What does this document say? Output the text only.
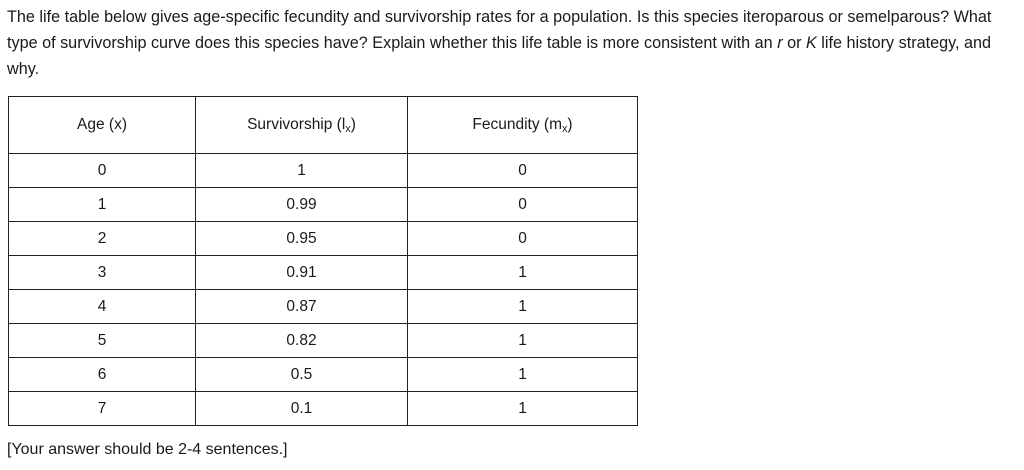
The life table below gives age-specific fecundity and survivorship rates for a population. Is this species iteroparous or semelparous? What type of survivorship curve does this species have? Explain whether this life table is more consistent with an r or K life history strategy, and why.

Age (x)	Survivorship $(l_x)$	Fecundity $(m_x)$
0	1	0
1	0.99	0
2	0.95	0
3	0.91	1
4	0.87	1
5	0.82	1
6	0.5	1
7	0.1	1

[Your answer should be 2-4 sentences.]
